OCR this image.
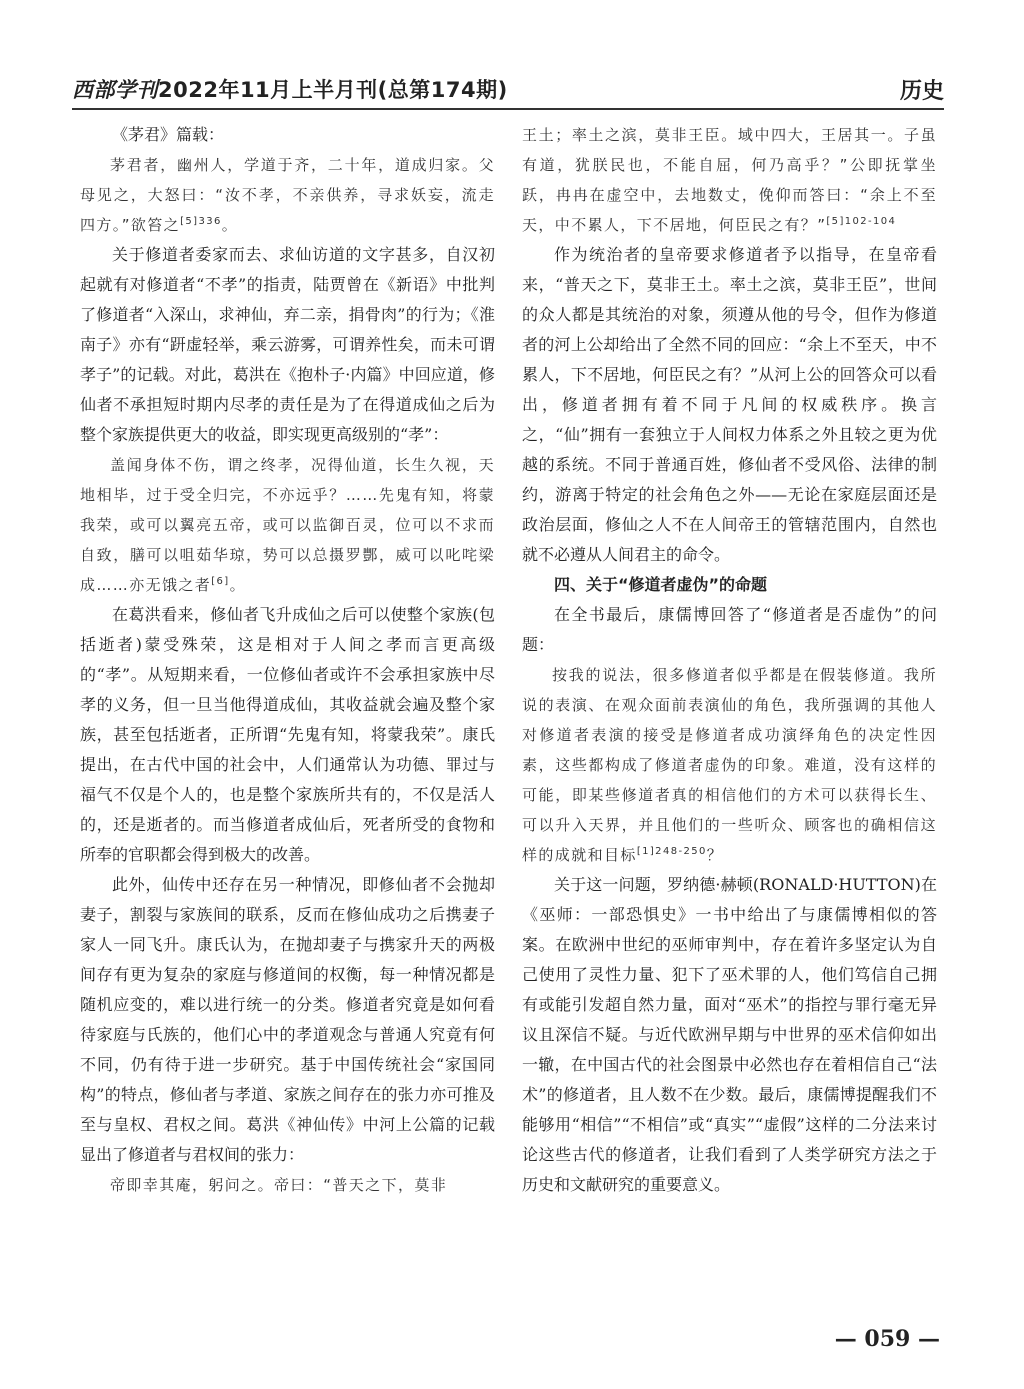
西部学刊2022年11月上半月刊(总第174期)	历史

《茅君》篇载：

茅君者，幽州人，学道于齐，二十年，道成归家。父母见之，大怒曰：“汝不孝，不亲供养，寻求妖妄，流走四方。”欲笞之$^{[5]336}$。

关于修道者委家而去、求仙访道的文字甚多，自汉初起就有对修道者“不孝”的指责，陆贾曾在《新语》中批判了修道者“入深山，求神仙，弃二亲，捐骨肉”的行为；《淮南子》亦有“趼虚轻举，乘云游雾，可谓养性矣，而未可谓孝子”的记载。对此，葛洪在《抱朴子·内篇》中回应道，修仙者不承担短时期内尽孝的责任是为了在得道成仙之后为整个家族提供更大的收益，即实现更高级别的“孝”：

盖闻身体不伤，谓之终孝，况得仙道，长生久视，天地相毕，过于受全归完，不亦远乎？……先鬼有知，将蒙我荣，或可以翼亮五帝，或可以监御百灵，位可以不求而自致，膳可以咀茹华琼，势可以总摄罗酆，威可以叱咤梁成……亦无饿之者[6]。

在葛洪看来，修仙者飞升成仙之后可以使整个家族(包括逝者)蒙受殊荣，这是相对于人间之孝而言更高级的“孝”。从短期来看，一位修仙者或许不会承担家族中尽孝的义务，但一旦当他得道成仙，其收益就会遍及整个家族，甚至包括逝者，正所谓“先鬼有知，将蒙我荣”。康氏提出，在古代中国的社会中，人们通常认为功德、罪过与福气不仅是个人的，也是整个家族所共有的，不仅是活人的，还是逝者的。而当修道者成仙后，死者所受的食物和所奉的官职都会得到极大的改善。

此外，仙传中还存在另一种情况，即修仙者不会抛却妻子，割裂与家族间的联系，反而在修仙成功之后携妻子家人一同飞升。康氏认为，在抛却妻子与携家升天的两极间存有更为复杂的家庭与修道间的权衡，每一种情况都是随机应变的，难以进行统一的分类。修道者究竟是如何看待家庭与氏族的，他们心中的孝道观念与普通人究竟有何不同，仍有待于进一步研究。基于中国传统社会“家国同构”的特点，修仙者与孝道、家族之间存在的张力亦可推及至与皇权、君权之间。葛洪《神仙传》中河上公篇的记载显出了修道者与君权间的张力：

帝即幸其庵，躬问之。帝曰：“普天之下，莫非

王土；率土之滨，莫非王臣。域中四大，王居其一。子虽有道，犹朕民也，不能自屈，何乃高乎？”公即抚掌坐跃，冉冉在虚空中，去地数丈，俛仰而答曰：“余上不至天，中不累人，下不居地，何臣民之有？”$^{[5]102-104}$

作为统治者的皇帝要求修道者予以指导，在皇帝看来，“普天之下，莫非王土。率土之滨，莫非王臣”，世间的众人都是其统治的对象，须遵从他的号令，但作为修道者的河上公却给出了全然不同的回应：“余上不至天，中不累人，下不居地，何臣民之有？”从河上公的回答众可以看出，修道者拥有着不同于凡间的权威秩序。换言之，“仙”拥有一套独立于人间权力体系之外且较之更为优越的系统。不同于普通百姓，修仙者不受风俗、法律的制约，游离于特定的社会角色之外——无论在家庭层面还是政治层面，修仙之人不在人间帝王的管辖范围内，自然也就不必遵从人间君主的命令。

四、关于“修道者虚伪”的命题

在全书最后，康儒博回答了“修道者是否虚伪”的问题：

按我的说法，很多修道者似乎都是在假装修道。我所说的表演、在观众面前表演仙的角色，我所强调的其他人对修道者表演的接受是修道者成功演绎角色的决定性因素，这些都构成了修道者虚伪的印象。难道，没有这样的可能，即某些修道者真的相信他们的方术可以获得长生、可以升入天界，并且他们的一些听众、顾客也的确相信这样的成就和目标$^{[1]248-250}$？

关于这一问题，罗纳德·赫顿(RONALD·HUTTON)在《巫师：一部恐惧史》一书中给出了与康儒博相似的答案。在欧洲中世纪的巫师审判中，存在着许多坚定认为自己使用了灵性力量、犯下了巫术罪的人，他们笃信自己拥有或能引发超自然力量，面对“巫术”的指控与罪行毫无异议且深信不疑。与近代欧洲早期与中世界的巫术信仰如出一辙，在中国古代的社会图景中必然也存在着相信自己“法术”的修道者，且人数不在少数。最后，康儒博提醒我们不能够用“相信”“不相信”或“真实”“虚假”这样的二分法来讨论这些古代的修道者，让我们看到了人类学研究方法之于历史和文献研究的重要意义。

— 059 —
